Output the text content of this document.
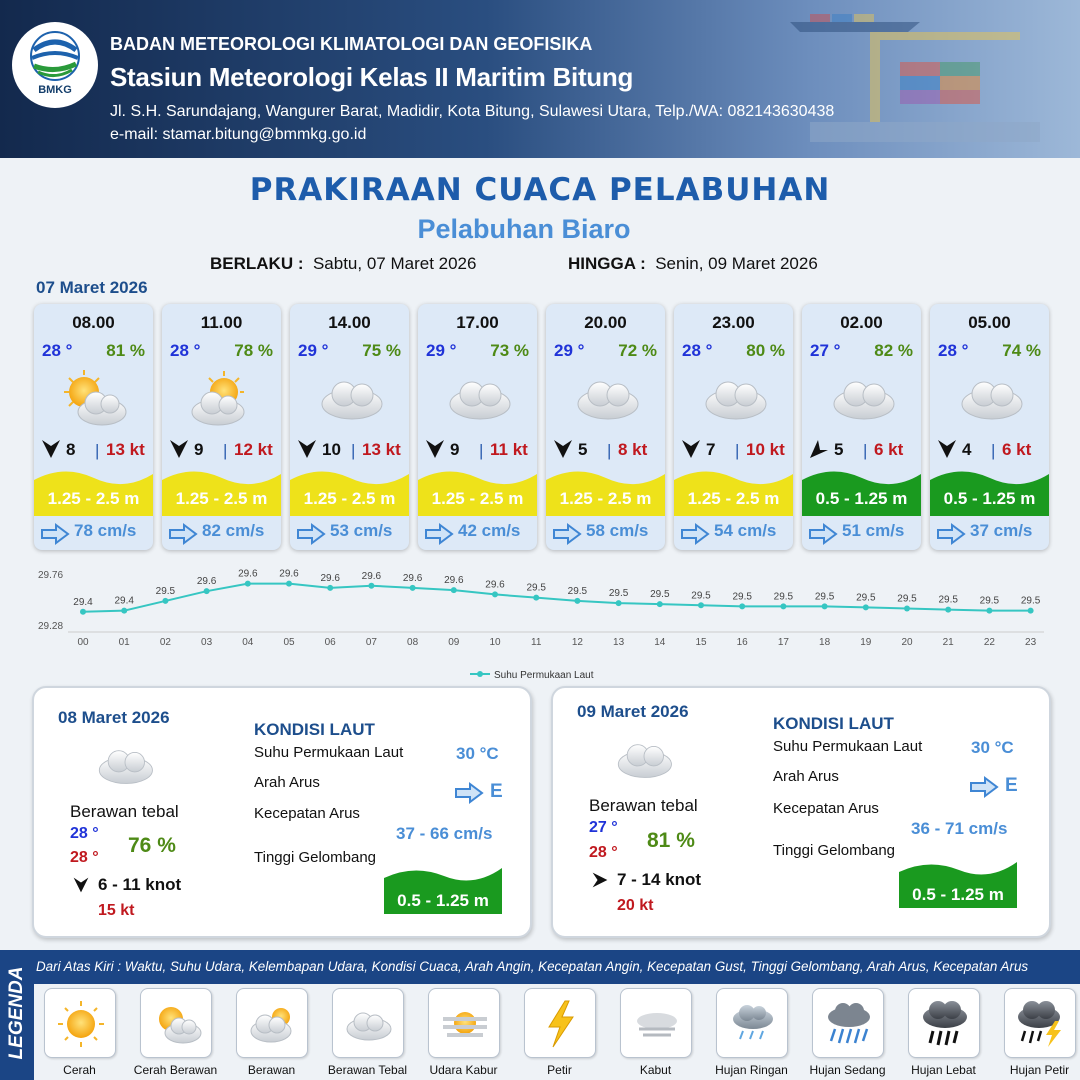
BMKG
BADAN METEOROLOGI KLIMATOLOGI DAN GEOFISIKA
Stasiun Meteorologi Kelas II Maritim Bitung
Jl. S.H. Sarundajang, Wangurer Barat, Madidir, Kota Bitung, Sulawesi Utara, Telp./WA: 082143630438
e-mail: stamar.bitung@bmmkg.go.id
PRAKIRAAN CUACA PELABUHAN
Pelabuhan Biaro
BERLAKU : Sabtu, 07 Maret 2026	HINGGA : Senin, 09 Maret 2026
07 Maret 2026
08.00
28 ° 81 %
8	| 13 kt
1.25 - 2.5 m
78 cm/s
11.00
28 ° 78 %
9	| 12 kt
1.25 - 2.5 m
82 cm/s
14.00
29 ° 75 %
10 | 13 kt
1.25 - 2.5 m
53 cm/s
17.00
29 ° 73 %
9	| 11 kt
1.25 - 2.5 m
42 cm/s
20.00
29 ° 72 %
5	| 8 kt
1.25 - 2.5 m
58 cm/s
23.00
28 ° 80 %
7	| 10 kt
1.25 - 2.5 m
54 cm/s
02.00
27 ° 82 %
5	| 6 kt
0.5 - 1.25 m
51 cm/s
05.00
28 ° 74 %
4	| 6 kt
0.5 - 1.25 m
37 cm/s
29.76
29.28
29.4
00
29.4
01
29.5
02
29.6
03
29.6
04
29.6
05
29.6
06
29.6
07
29.6
08
29.6
09
29.6
10
29.5
11
29.5
12
29.5
13
29.5
14
29.5
15
29.5
16
29.5
17
29.5
18
29.5
19
29.5
20
29.5
21
29.5
22
29.5
23
Suhu Permukaan Laut
08 Maret 2026
Berawan tebal
28 °
28 °
76 %
6 - 11 knot
15 kt
KONDISI LAUT
Suhu Permukaan Laut	30 °C
Arah Arus	E
Kecepatan Arus
37 - 66 cm/s
Tinggi Gelombang
0.5 - 1.25 m
09 Maret 2026
Berawan tebal
27 °
28 °
81 %
7 - 14 knot
20 kt
KONDISI LAUT
Suhu Permukaan Laut	30 °C
Arah Arus	E
Kecepatan Arus
36 - 71 cm/s
Tinggi Gelombang
0.5 - 1.25 m
LEGENDA
Dari Atas Kiri : Waktu, Suhu Udara, Kelembapan Udara, Kondisi Cuaca, Arah Angin, Kecepatan Angin, Kecepatan Gust, Tinggi Gelombang, Arah Arus, Kecepatan Arus
Cerah	Cerah Berawan	Berawan	Berawan Tebal	Udara Kabur	Petir	Kabut	Hujan Ringan	Hujan Sedang	Hujan Lebat	Hujan Petir
